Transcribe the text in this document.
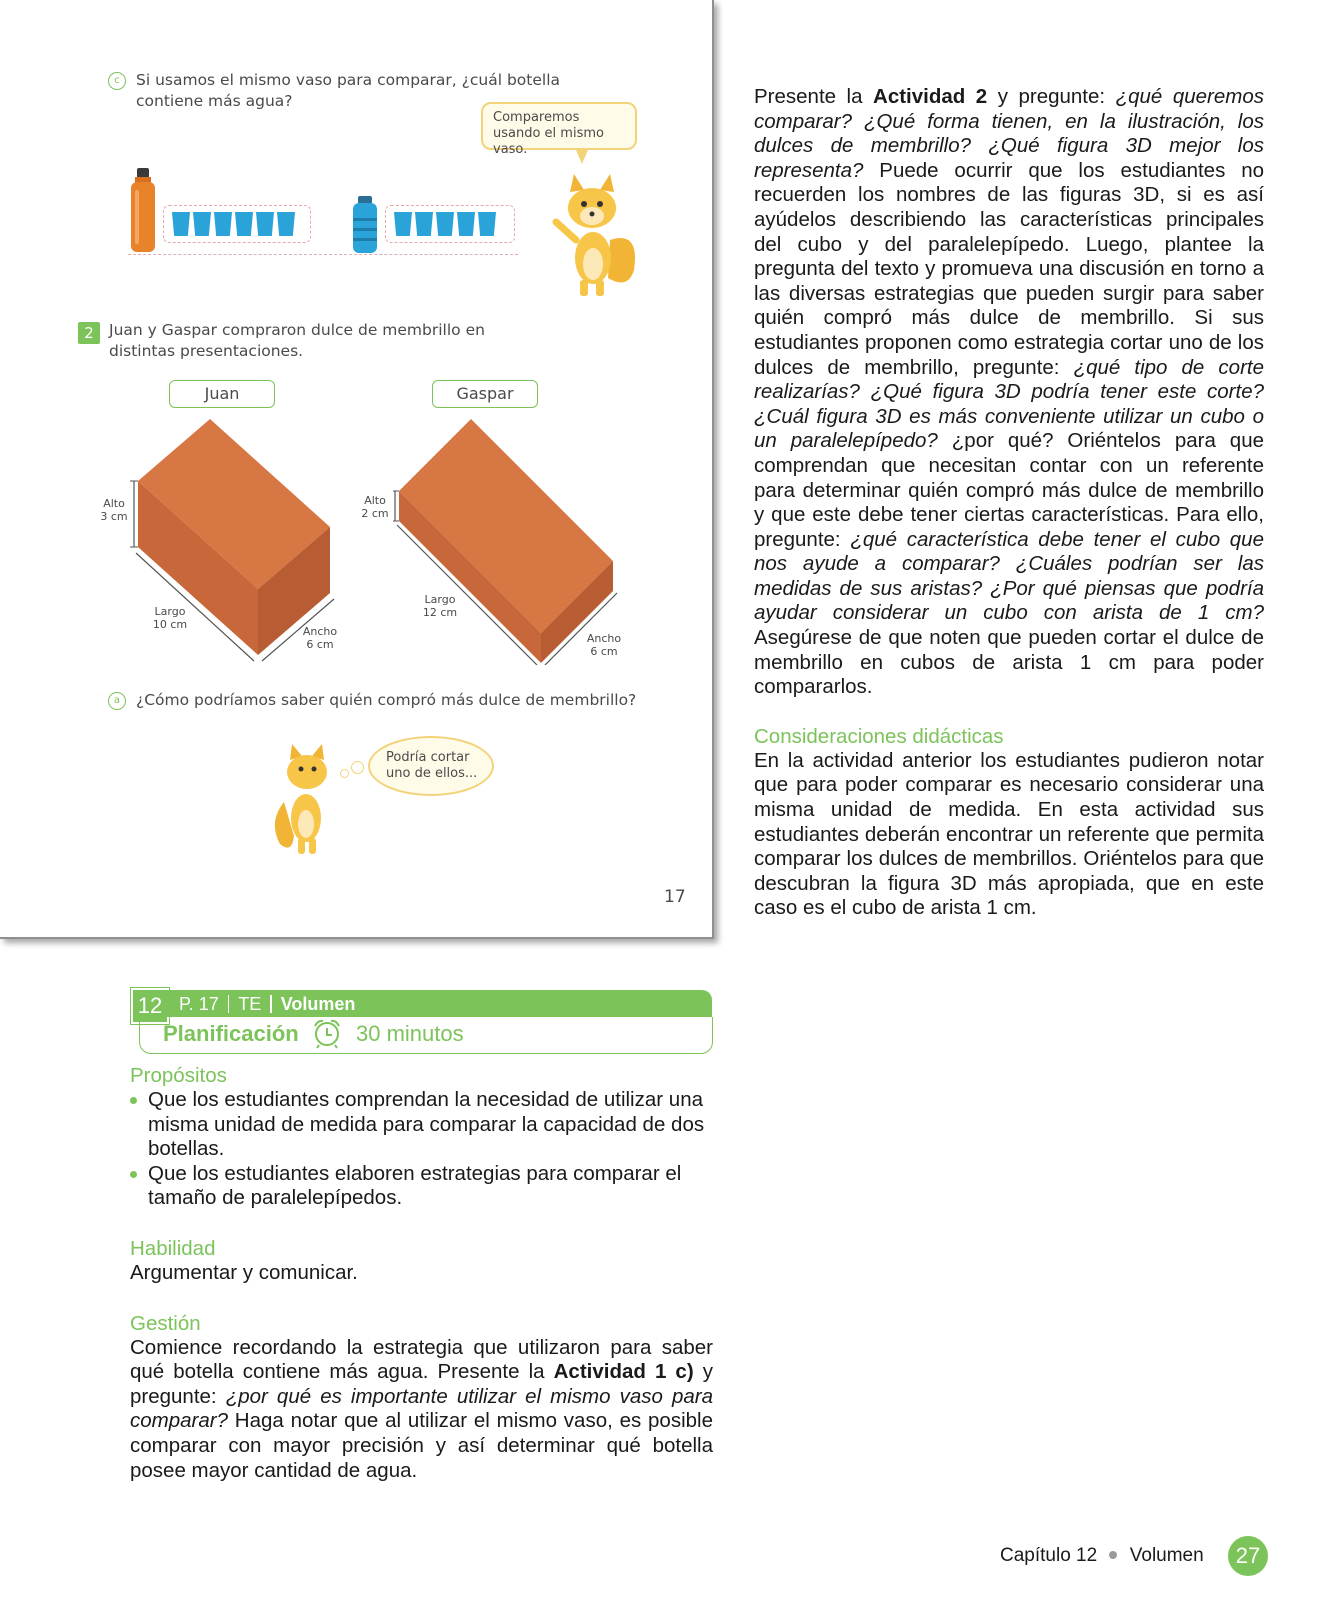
c	Si usamos el mismo vaso para comparar, ¿cuál botella contiene más agua?
Comparemos usando el mismo vaso.
2 Juan y Gaspar compraron dulce de membrillo en distintas presentaciones.
Juan	Gaspar
Alto
3 cm
Largo
10 cm
Ancho
6 cm
Alto
2 cm
Largo
12 cm
Ancho
6 cm
a	¿Cómo podríamos saber quién compró más dulce de membrillo?
Podría cortar uno de ellos...
17
12 P. 17 TE Volumen
Planificación	30 minutos
Propósitos
Que los estudiantes comprendan la necesidad de utilizar una misma unidad de medida para comparar la capacidad de dos botellas.
Que los estudiantes elaboren estrategias para comparar el tamaño de paralelepípedos.
Habilidad
Argumentar y comunicar.
Gestión
Comience recordando la estrategia que utilizaron para saber qué botella contiene más agua. Presente la Actividad 1 c) y pregunte: ¿por qué es importante utilizar el mismo vaso para comparar? Haga notar que al utilizar el mismo vaso, es posible comparar con mayor precisión y así determinar qué botella posee mayor cantidad de agua.
Presente la Actividad 2 y pregunte: ¿qué queremos comparar? ¿Qué forma tienen, en la ilustración, los dulces de membrillo? ¿Qué figura 3D mejor los representa? Puede ocurrir que los estudiantes no recuerden los nombres de las figuras 3D, si es así ayúdelos describiendo las características principales del cubo y del paralelepípedo. Luego, plantee la pregunta del texto y promueva una discusión en torno a las diversas estrategias que pueden surgir para saber quién compró más dulce de membrillo. Si sus estudiantes proponen como estrategia cortar uno de los dulces de membrillo, pregunte: ¿qué tipo de corte realizarías? ¿Qué figura 3D podría tener este corte? ¿Cuál figura 3D es más conveniente utilizar un cubo o un paralelepípedo? ¿por qué? Oriéntelos para que comprendan que necesitan contar con un referente para determinar quién compró más dulce de membrillo y que este debe tener ciertas características. Para ello, pregunte: ¿qué característica debe tener el cubo que nos ayude a comparar? ¿Cuáles podrían ser las medidas de sus aristas? ¿Por qué piensas que podría ayudar considerar un cubo con arista de 1 cm? Asegúrese de que noten que pueden cortar el dulce de membrillo en cubos de arista 1 cm para poder compararlos.
Consideraciones didácticas
En la actividad anterior los estudiantes pudieron notar que para poder comparar es necesario considerar una misma unidad de medida. En esta actividad sus estudiantes deberán encontrar un referente que permita comparar los dulces de membrillos. Oriéntelos para que descubran la figura 3D más apropiada, que en este caso es el cubo de arista 1 cm.
Capítulo 12 Volumen	27
